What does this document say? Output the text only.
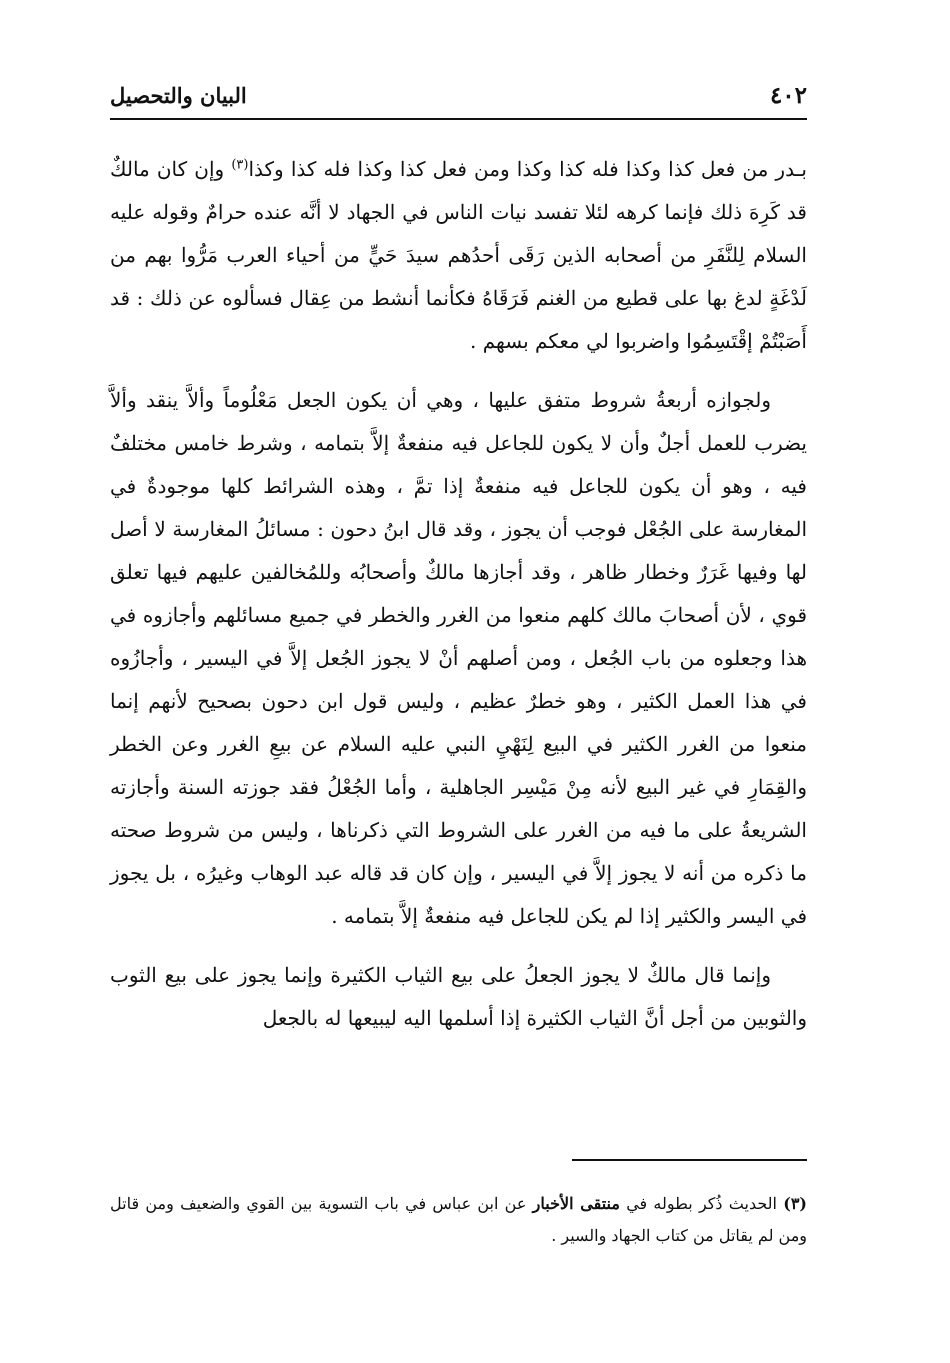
٤٠٢
البيان والتحصيل

بـدر من فعل كذا وكذا فله كذا وكذا ومن فعل كذا وكذا فله كذا وكذا$^{(٣)}$ وإن كان مالكٌ قد كَرِهَ ذلك فإنما كرهه لئلا تفسد نيات الناس في الجهاد لا أنَّه عنده حرامٌ وقوله عليه السلام لِلنَّفَرِ من أصحابه الذين رَقَى أحدُهم سيدَ حَيٍّ من أحياء العرب مَرُّوا بهم من لَدْغَةٍ لدغ بها على قطيع من الغنم فَرَقَاهُ فكأنما أنشط من عِقال فسألوه عن ذلك : قد أَصَبْتُمْ إقْتَسِمُوا واضربوا لي معكم بسهم .

ولجوازه أربعةُ شروط متفق عليها ، وهي أن يكون الجعل مَعْلُوماً وألاَّ ينقد وألاَّ يضرب للعمل أجلٌ وأن لا يكون للجاعل فيه منفعةٌ إلاَّ بتمامه ، وشرط خامس مختلفٌ فيه ، وهو أن يكون للجاعل فيه منفعةٌ إذا تمَّ ، وهذه الشرائط كلها موجودةٌ في المغارسة على الجُعْل فوجب أن يجوز ، وقد قال ابنُ دحون : مسائلُ المغارسة لا أصل لها وفيها غَرَرٌ وخطار ظاهر ، وقد أجازها مالكٌ وأصحابُه وللمُخالفين عليهم فيها تعلق قوي ، لأن أصحابَ مالك كلهم منعوا من الغرر والخطر في جميع مسائلهم وأجازوه في هذا وجعلوه من باب الجُعل ، ومن أصلهم أنْ لا يجوز الجُعل إلاَّ في اليسير ، وأجازُوه في هذا العمل الكثير ، وهو خطرٌ عظيم ، وليس قول ابن دحون بصحيح لأنهم إنما منعوا من الغرر الكثير في البيع لِنَهْيِ النبي عليه السلام عن بيعِ الغرر وعن الخطر والقِمَارِ في غير البيع لأنه مِنْ مَيْسِر الجاهلية ، وأما الجُعْلُ فقد جوزته السنة وأجازته الشريعةُ على ما فيه من الغرر على الشروط التي ذكرناها ، وليس من شروط صحته ما ذكره من أنه لا يجوز إلاَّ في اليسير ، وإن كان قد قاله عبد الوهاب وغيرُه ، بل يجوز في اليسر والكثير إذا لم يكن للجاعل فيه منفعةٌ إلاَّ بتمامه .

وإنما قال مالكٌ لا يجوز الجعلُ على بيع الثياب الكثيرة وإنما يجوز على بيع الثوب والثوبين من أجل أنَّ الثياب الكثيرة إذا أسلمها اليه ليبيعها له بالجعل

(٣) الحديث ذُكر بطوله في منتقى الأخبار عن ابن عباس في باب التسوية بين القوي والضعيف ومن قاتل ومن لم يقاتل من كتاب الجهاد والسير .
